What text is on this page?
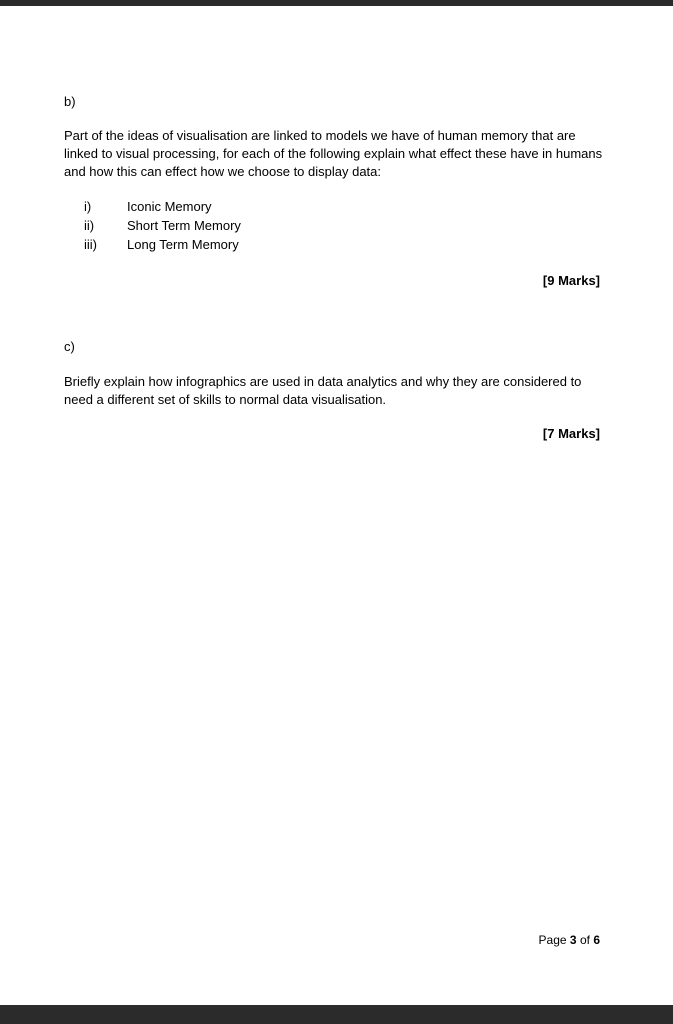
b)
Part of the ideas of visualisation are linked to models we have of human memory that are linked to visual processing, for each of the following explain what effect these have in humans and how this can effect how we choose to display data:
i)	Iconic Memory
ii)	Short Term Memory
iii)	Long Term Memory
[9 Marks]
c)
Briefly explain how infographics are used in data analytics and why they are considered to need a different set of skills to normal data visualisation.
[7 Marks]
Page 3 of 6
